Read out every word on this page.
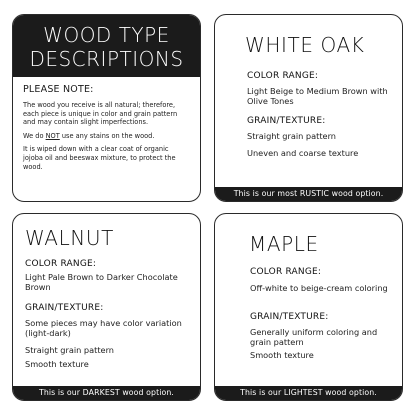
WOOD TYPE
DESCRIPTIONS
PLEASE NOTE:

The wood you receive is all natural; therefore, each piece is unique in color and grain pattern and may contain slight imperfections.

We do NOT use any stains on the wood.

It is wiped down with a clear coat of organic jojoba oil and beeswax mixture, to protect the wood.

WHITE OAK
COLOR RANGE:
Light Beige to Medium Brown with Olive Tones
GRAIN/TEXTURE:
Straight grain pattern
Uneven and coarse texture
This is our most RUSTIC wood option.
WALNUT
COLOR RANGE:
Light Pale Brown to Darker Chocolate Brown
GRAIN/TEXTURE:
Some pieces may have color variation (light-dark)
Straight grain pattern
Smooth texture
This is our DARKEST wood option.
MAPLE
COLOR RANGE:
Off-white to beige-cream coloring
GRAIN/TEXTURE:
Generally uniform coloring and grain pattern
Smooth texture
This is our LIGHTEST wood option.
